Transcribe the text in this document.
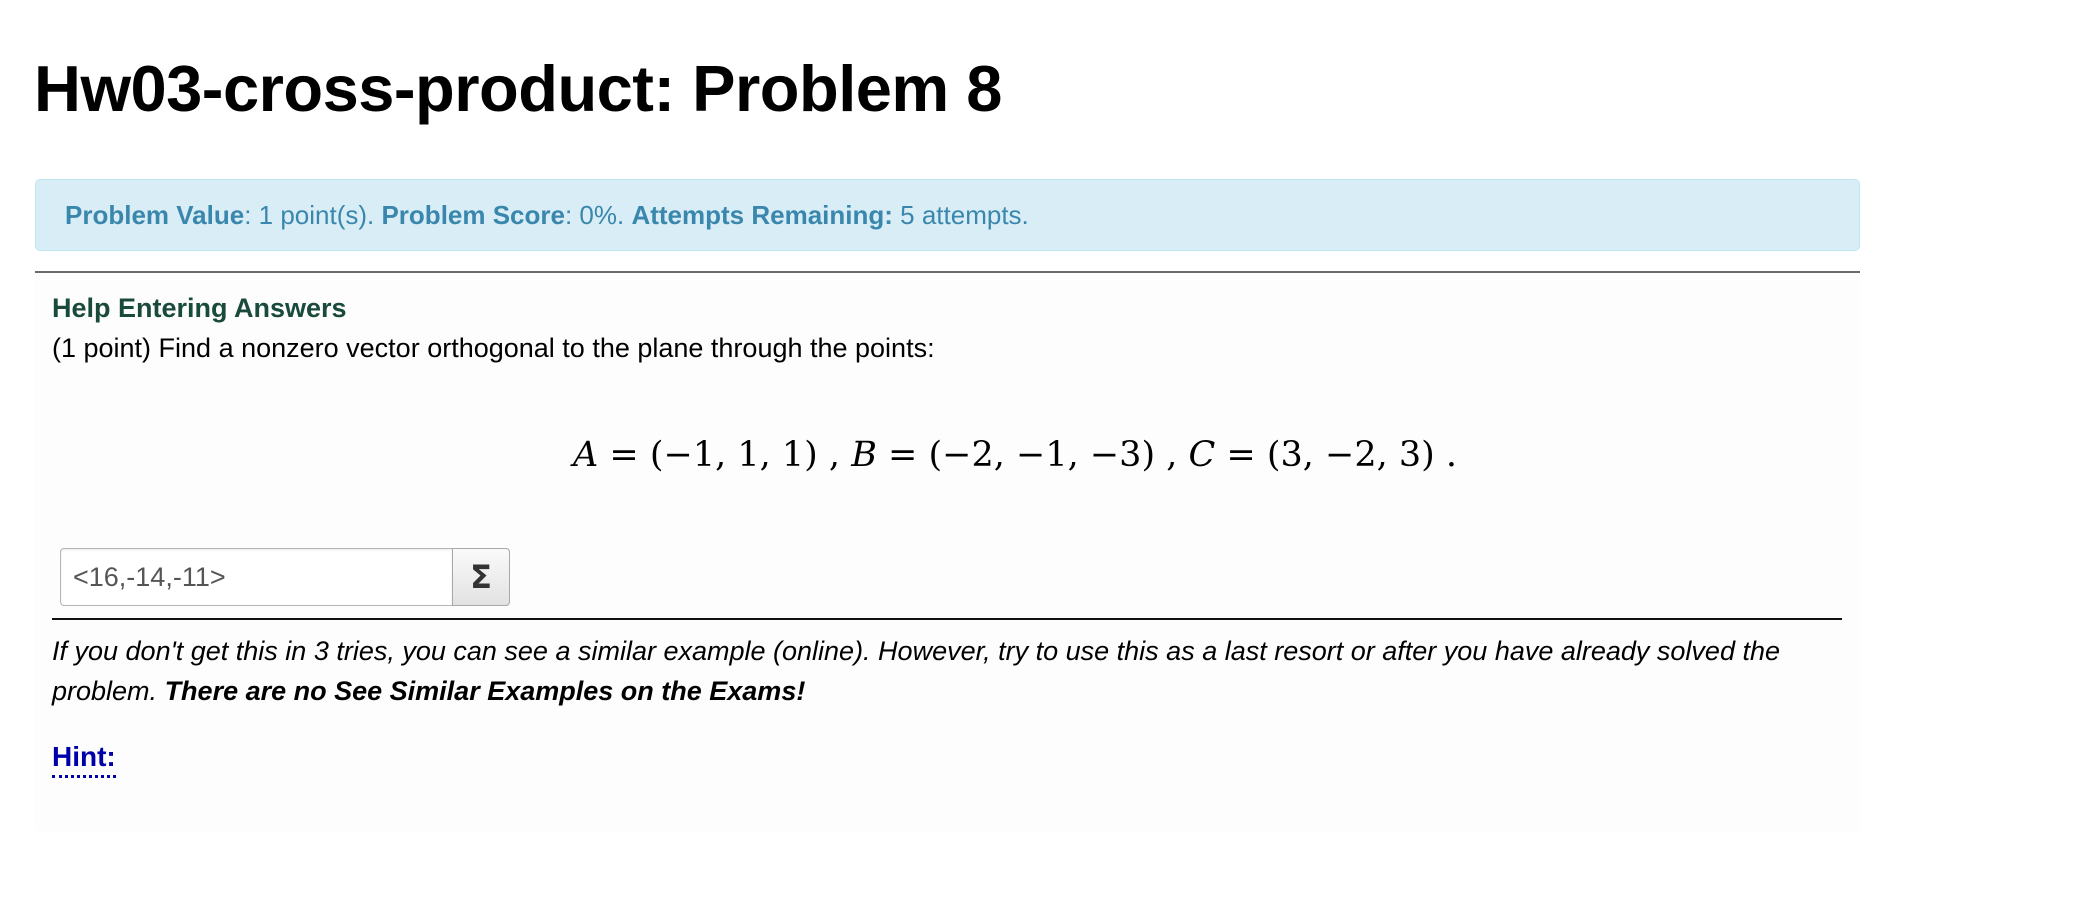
Hw03-cross-product: Problem 8
Problem Value: 1 point(s). Problem Score: 0%. Attempts Remaining: 5 attempts.
Help Entering Answers
(1 point) Find a nonzero vector orthogonal to the plane through the points:
A = (−1, 1, 1) , B = (−2, −1, −3) , C = (3, −2, 3) .
<16,-14,-11>
Σ
If you don't get this in 3 tries, you can see a similar example (online). However, try to use this as a last resort or after you have already solved the problem. There are no See Similar Examples on the Exams!
Hint:
